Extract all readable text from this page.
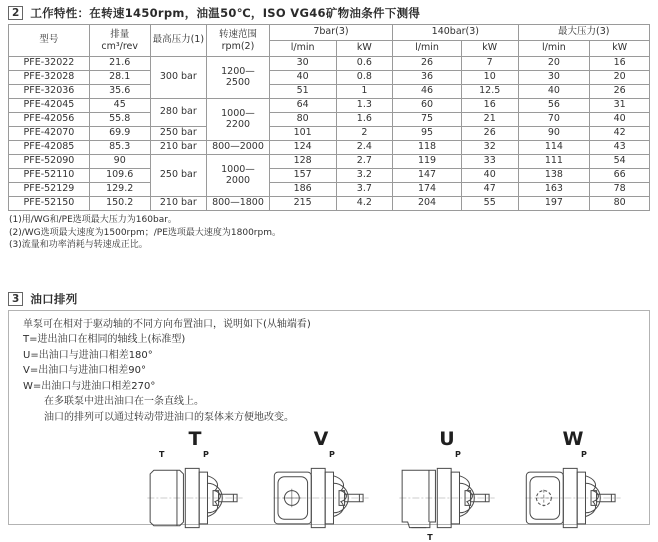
2 工作特性：在转速1450rpm，油温50℃，ISO VG46矿物油条件下测得
型号	排量
cm³/rev
	最高压力(1)	转速范围
rpm(2)
	7bar(3)	140bar(3)	最大压力(3)
				l/min	kW	l/min	kW	l/min	kW
PFE-32022	21.6	300 bar	1200—2500	30	0.6	26	7	20	16
PFE-32028	28.1			40	0.8	36	10	30	20
PFE-32036	35.6			51	1	46	12.5	40	26
PFE-42045	45	280 bar	1000—2200	64	1.3	60	16	56	31
PFE-42056	55.8			80	1.6	75	21	70	40
PFE-42070	69.9	250 bar		101	2	95	26	90	42
PFE-42085	85.3	210 bar	800—2000	124	2.4	118	32	114	43
PFE-52090	90	250 bar	1000—2000	128	2.7	119	33	111	54
PFE-52110	109.6			157	3.2	147	40	138	66
PFE-52129	129.2			186	3.7	174	47	163	78
PFE-52150	150.2	210 bar	800—1800	215	4.2	204	55	197	80
(1)用/WG和/PE选项最大压力为160bar。
(2)/WG选项最大速度为1500rpm；/PE选项最大速度为1800rpm。
(3)流量和功率消耗与转速成正比。
3 油口排列
单泵可在相对于驱动轴的不同方向布置油口，说明如下(从轴端看)
T=进出油口在相同的轴线上(标准型)
U=出油口与进油口相差180°
V=出油口与进油口相差90°
W=出油口与进油口相差270°
在多联泵中进出油口在一条直线上。
油口的排列可以通过转动带进油口的泵体来方便地改变。
T
T	P
V
P
U
P
T
W
P
